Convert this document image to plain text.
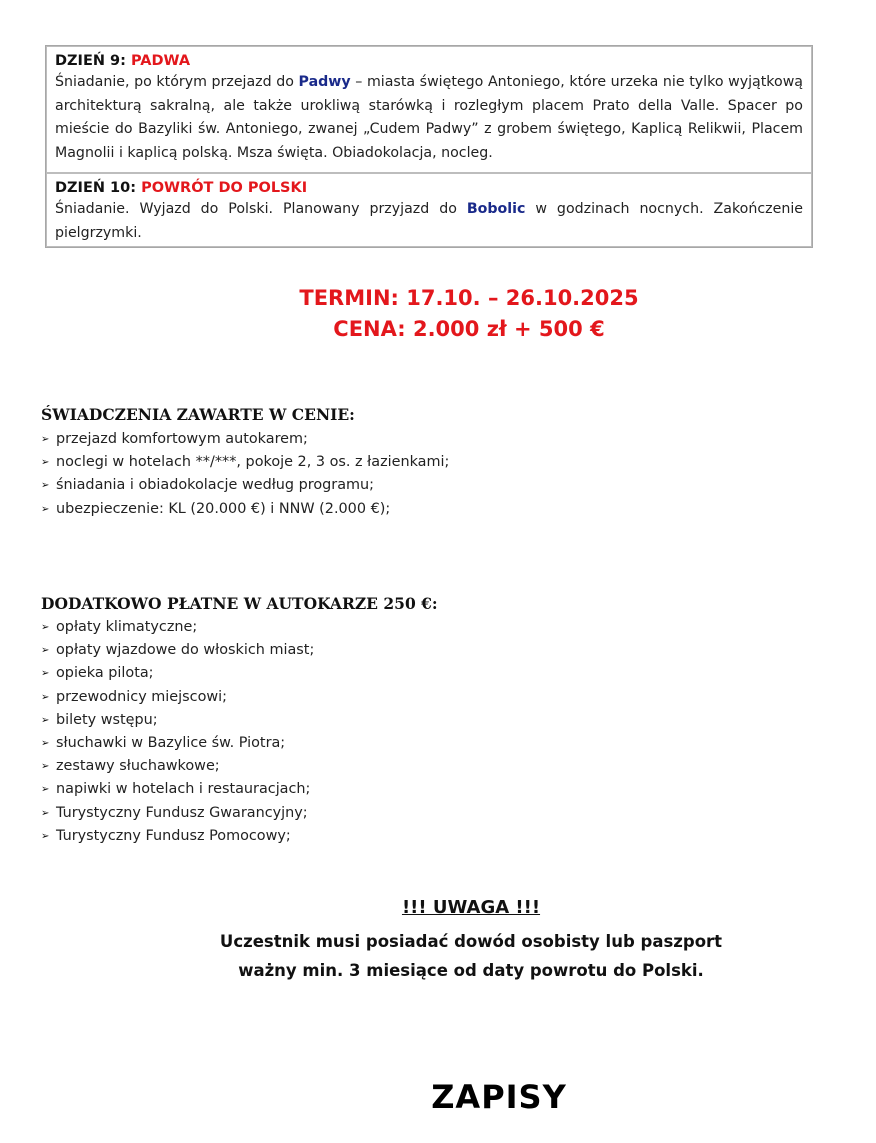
DZIEŃ 9: PADWA
Śniadanie, po którym przejazd do Padwy – miasta świętego Antoniego, które urzeka nie tylko wyjątkową architekturą sakralną, ale także urokliwą starówką i rozległym placem Prato della Valle. Spacer po mieście do Bazyliki św. Antoniego, zwanej „Cudem Padwy” z grobem świętego, Kaplicą Relikwii, Placem Magnolii i kaplicą polską. Msza święta. Obiadokolacja, nocleg.
DZIEŃ 10: POWRÓT DO POLSKI
Śniadanie. Wyjazd do Polski. Planowany przyjazd do Bobolic w godzinach nocnych. Zakończenie pielgrzymki.
TERMIN: 17.10. – 26.10.2025
CENA: 2.000 zł + 500 €
ŚWIADCZENIA ZAWARTE W CENIE:
➢ przejazd komfortowym autokarem;
➢ noclegi w hotelach **/***, pokoje 2, 3 os. z łazienkami;
➢ śniadania i obiadokolacje według programu;
➢ ubezpieczenie: KL (20.000 €) i NNW (2.000 €);
DODATKOWO PŁATNE W AUTOKARZE 250 €:
➢ opłaty klimatyczne;
➢ opłaty wjazdowe do włoskich miast;
➢ opieka pilota;
➢ przewodnicy miejscowi;
➢ bilety wstępu;
➢ słuchawki w Bazylice św. Piotra;
➢ zestawy słuchawkowe;
➢ napiwki w hotelach i restauracjach;
➢ Turystyczny Fundusz Gwarancyjny;
➢ Turystyczny Fundusz Pomocowy;
!!! UWAGA !!!
Uczestnik musi posiadać dowód osobisty lub paszport
ważny min. 3 miesiące od daty powrotu do Polski.
ZAPISY
